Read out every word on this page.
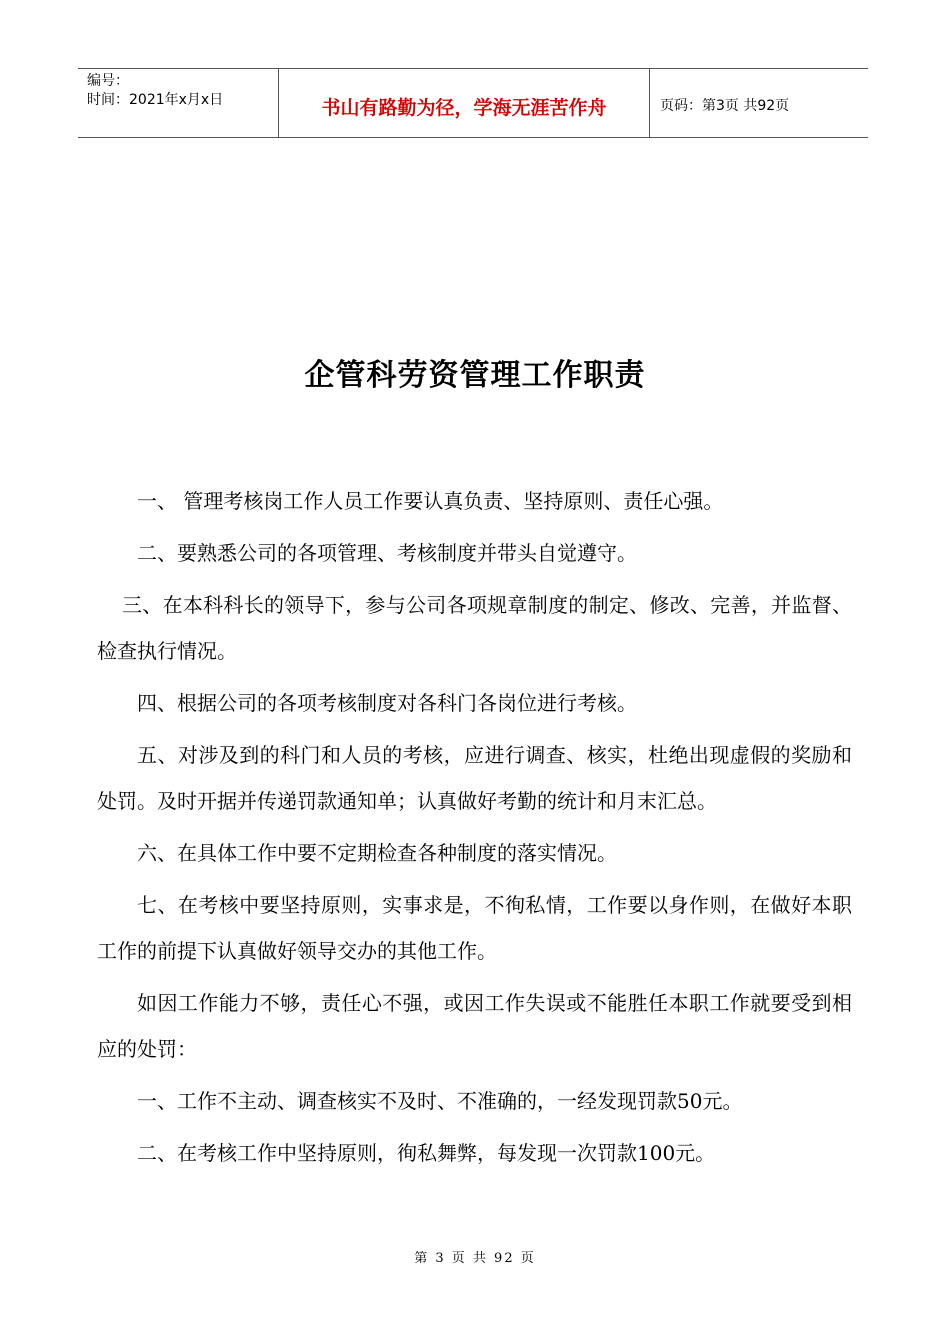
编号：
时间：2021年x月x日	书山有路勤为径，学海无涯苦作舟	页码：第3页 共92页
企管科劳资管理工作职责

一、 管理考核岗工作人员工作要认真负责、坚持原则、责任心强。

二、要熟悉公司的各项管理、考核制度并带头自觉遵守。

三、在本科科长的领导下，参与公司各项规章制度的制定、修改、完善，并监督、检查执行情况。

四、根据公司的各项考核制度对各科门各岗位进行考核。

五、对涉及到的科门和人员的考核，应进行调查、核实，杜绝出现虚假的奖励和处罚。及时开据并传递罚款通知单；认真做好考勤的统计和月末汇总。

六、在具体工作中要不定期检查各种制度的落实情况。

七、在考核中要坚持原则，实事求是，不徇私情，工作要以身作则，在做好本职工作的前提下认真做好领导交办的其他工作。

如因工作能力不够，责任心不强，或因工作失误或不能胜任本职工作就要受到相应的处罚：

一、工作不主动、调查核实不及时、不准确的，一经发现罚款50元。

二、在考核工作中坚持原则，徇私舞弊，每发现一次罚款100元。

第 3 页 共 92 页
